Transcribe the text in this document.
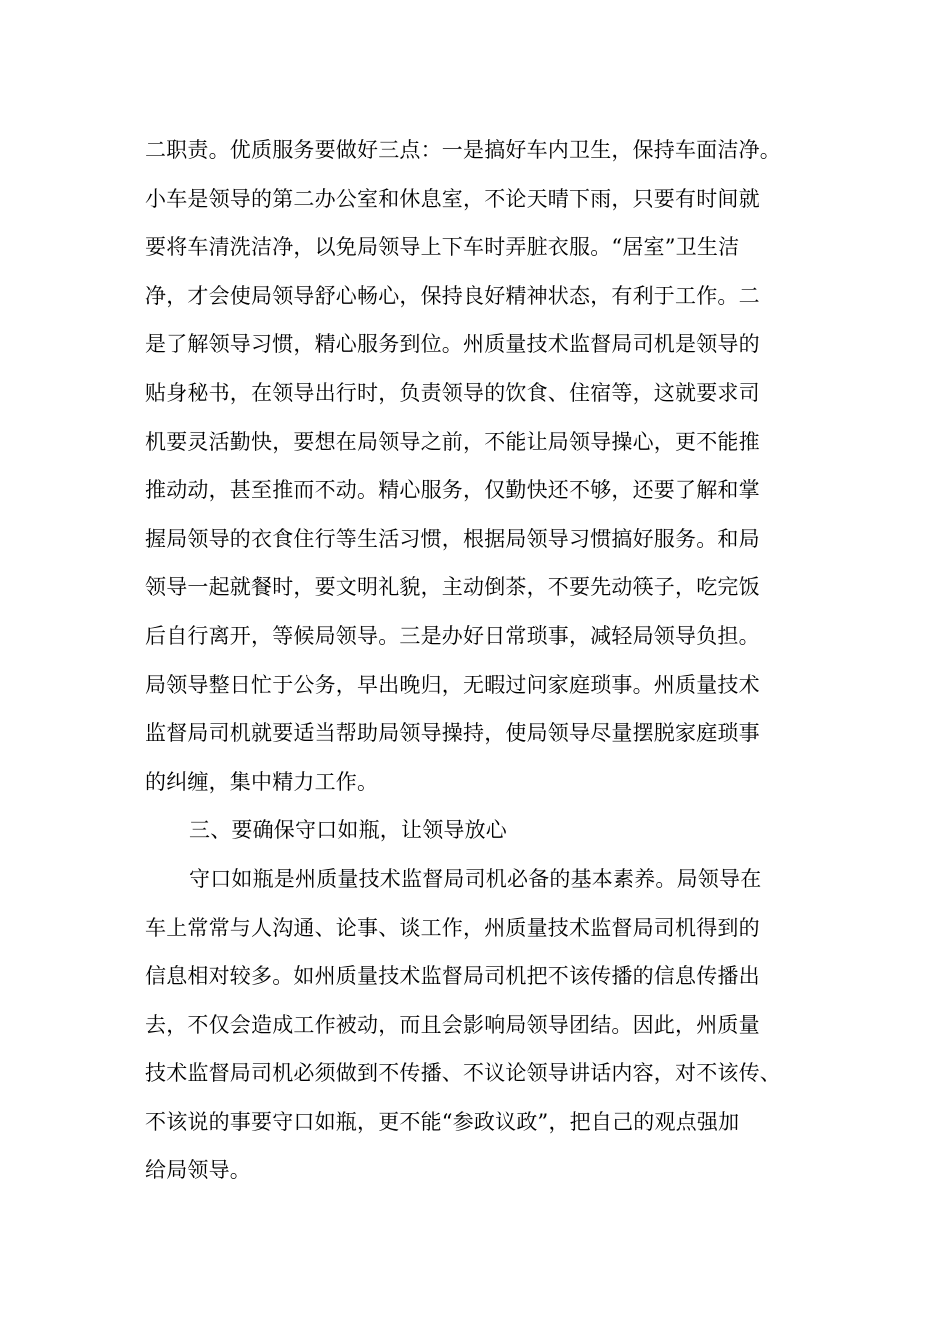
二职责。优质服务要做好三点：一是搞好车内卫生，保持车面洁净。
小车是领导的第二办公室和休息室，不论天晴下雨，只要有时间就
要将车清洗洁净，以免局领导上下车时弄脏衣服。“居室”卫生洁
净，才会使局领导舒心畅心，保持良好精神状态，有利于工作。二
是了解领导习惯，精心服务到位。州质量技术监督局司机是领导的
贴身秘书，在领导出行时，负责领导的饮食、住宿等，这就要求司
机要灵活勤快，要想在局领导之前，不能让局领导操心，更不能推
推动动，甚至推而不动。精心服务，仅勤快还不够，还要了解和掌
握局领导的衣食住行等生活习惯，根据局领导习惯搞好服务。和局
领导一起就餐时，要文明礼貌，主动倒茶，不要先动筷子，吃完饭
后自行离开，等候局领导。三是办好日常琐事，减轻局领导负担。
局领导整日忙于公务，早出晚归，无暇过问家庭琐事。州质量技术
监督局司机就要适当帮助局领导操持，使局领导尽量摆脱家庭琐事
的纠缠，集中精力工作。
三、要确保守口如瓶，让领导放心
守口如瓶是州质量技术监督局司机必备的基本素养。局领导在
车上常常与人沟通、论事、谈工作，州质量技术监督局司机得到的
信息相对较多。如州质量技术监督局司机把不该传播的信息传播出
去，不仅会造成工作被动，而且会影响局领导团结。因此，州质量
技术监督局司机必须做到不传播、不议论领导讲话内容，对不该传、
不该说的事要守口如瓶，更不能“参政议政”，把自己的观点强加
给局领导。
